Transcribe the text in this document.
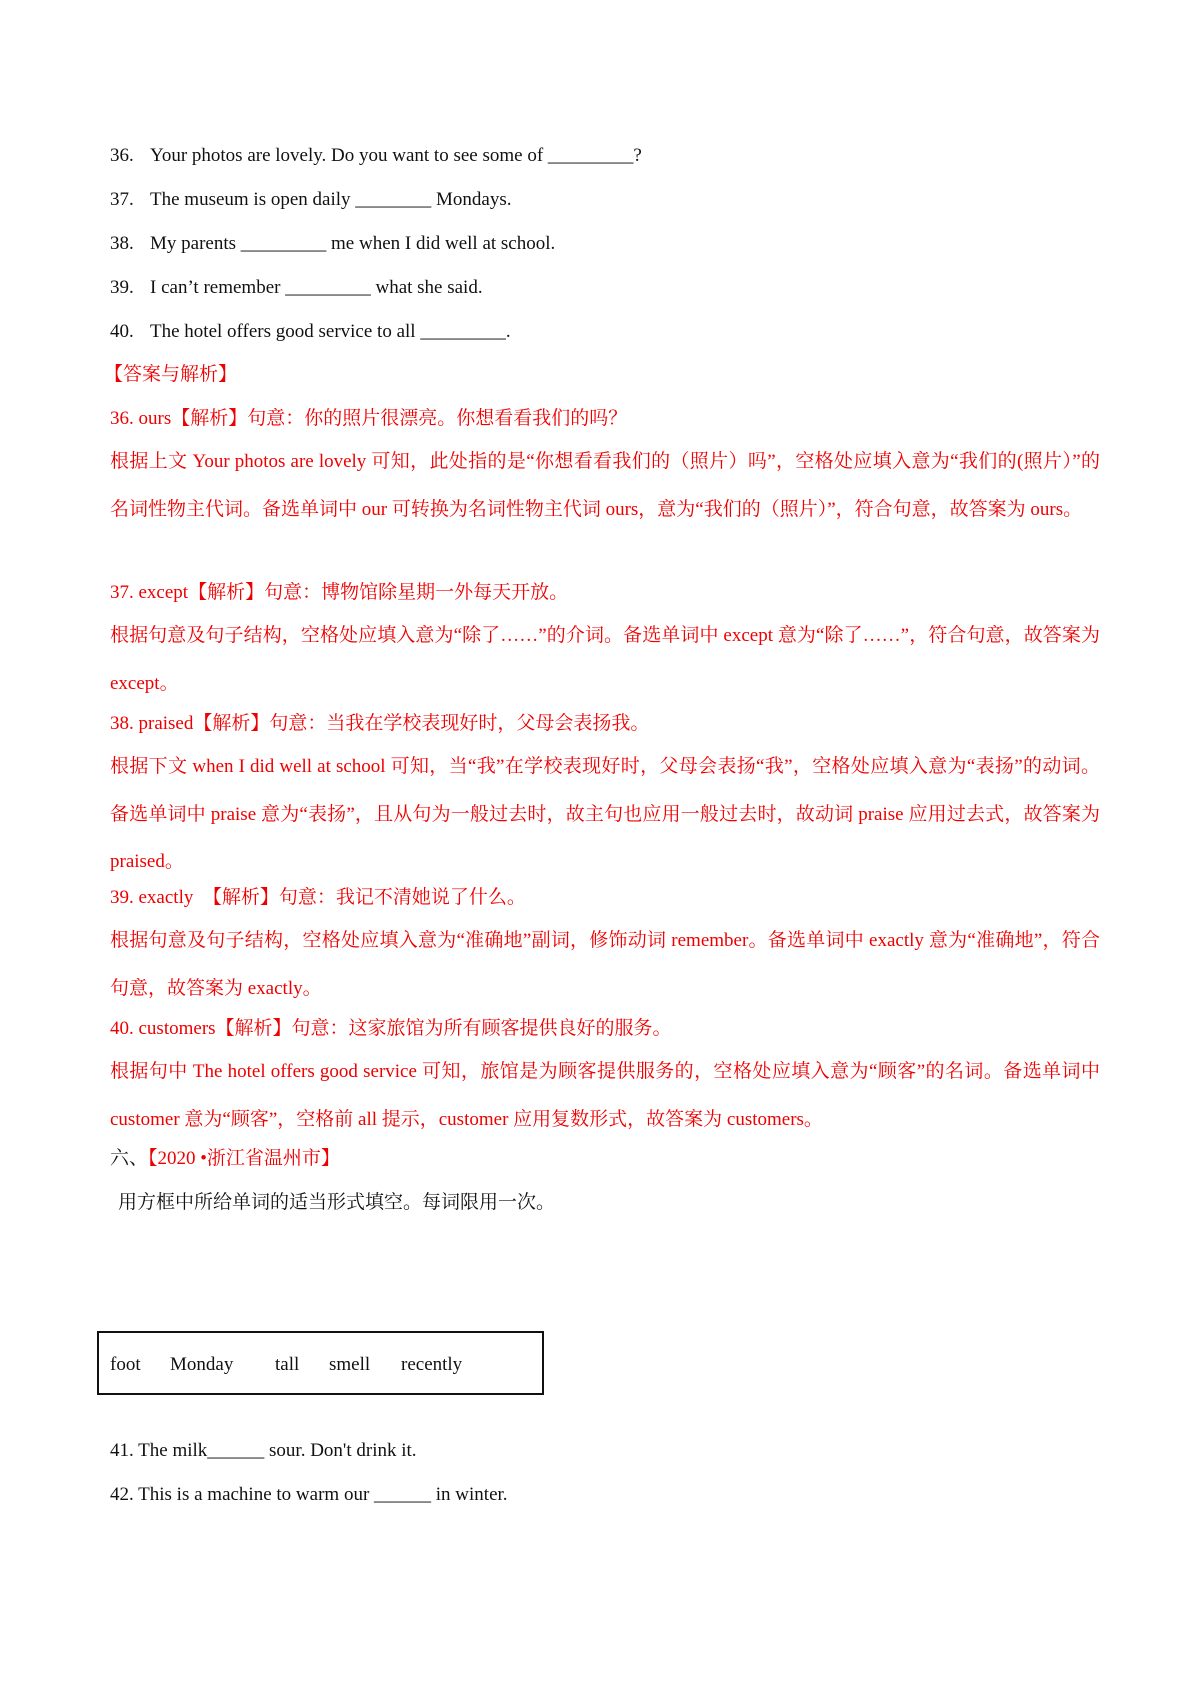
36. Your photos are lovely. Do you want to see some of _________?
37. The museum is open daily ________ Mondays.
38. My parents _________ me when I did well at school.
39. I can’t remember _________ what she said.
40. The hotel offers good service to all _________.
【答案与解析】
36. ours【解析】句意：你的照片很漂亮。你想看看我们的吗？
根据上文 Your photos are lovely 可知，此处指的是“你想看看我们的（照片）吗”，空格处应填入意为“我们的(照片）”的名词性物主代词。备选单词中 our 可转换为名词性物主代词 ours，意为“我们的（照片）”，符合句意，故答案为 ours。
37. except【解析】句意：博物馆除星期一外每天开放。
根据句意及句子结构，空格处应填入意为“除了……”的介词。备选单词中 except 意为“除了……”，符合句意，故答案为 except。
38. praised【解析】句意：当我在学校表现好时，父母会表扬我。
根据下文 when I did well at school 可知，当“我”在学校表现好时，父母会表扬“我”，空格处应填入意为“表扬”的动词。备选单词中 praise 意为“表扬”，且从句为一般过去时，故主句也应用一般过去时，故动词 praise 应用过去式，故答案为 praised。
39. exactly　【解析】句意：我记不清她说了什么。
根据句意及句子结构，空格处应填入意为“准确地”副词，修饰动词 remember。备选单词中 exactly 意为“准确地”，符合句意，故答案为 exactly。
40. customers【解析】句意：这家旅馆为所有顾客提供良好的服务。
根据句中 The hotel offers good service 可知，旅馆是为顾客提供服务的，空格处应填入意为“顾客”的名词。备选单词中 customer 意为“顾客”，空格前 all 提示，customer 应用复数形式，故答案为 customers。
六、【2020 •浙江省温州市】
用方框中所给单词的适当形式填空。每词限用一次。
foot Monday tall smell recently
41. The milk______ sour. Don't drink it.
42. This is a machine to warm our ______ in winter.
